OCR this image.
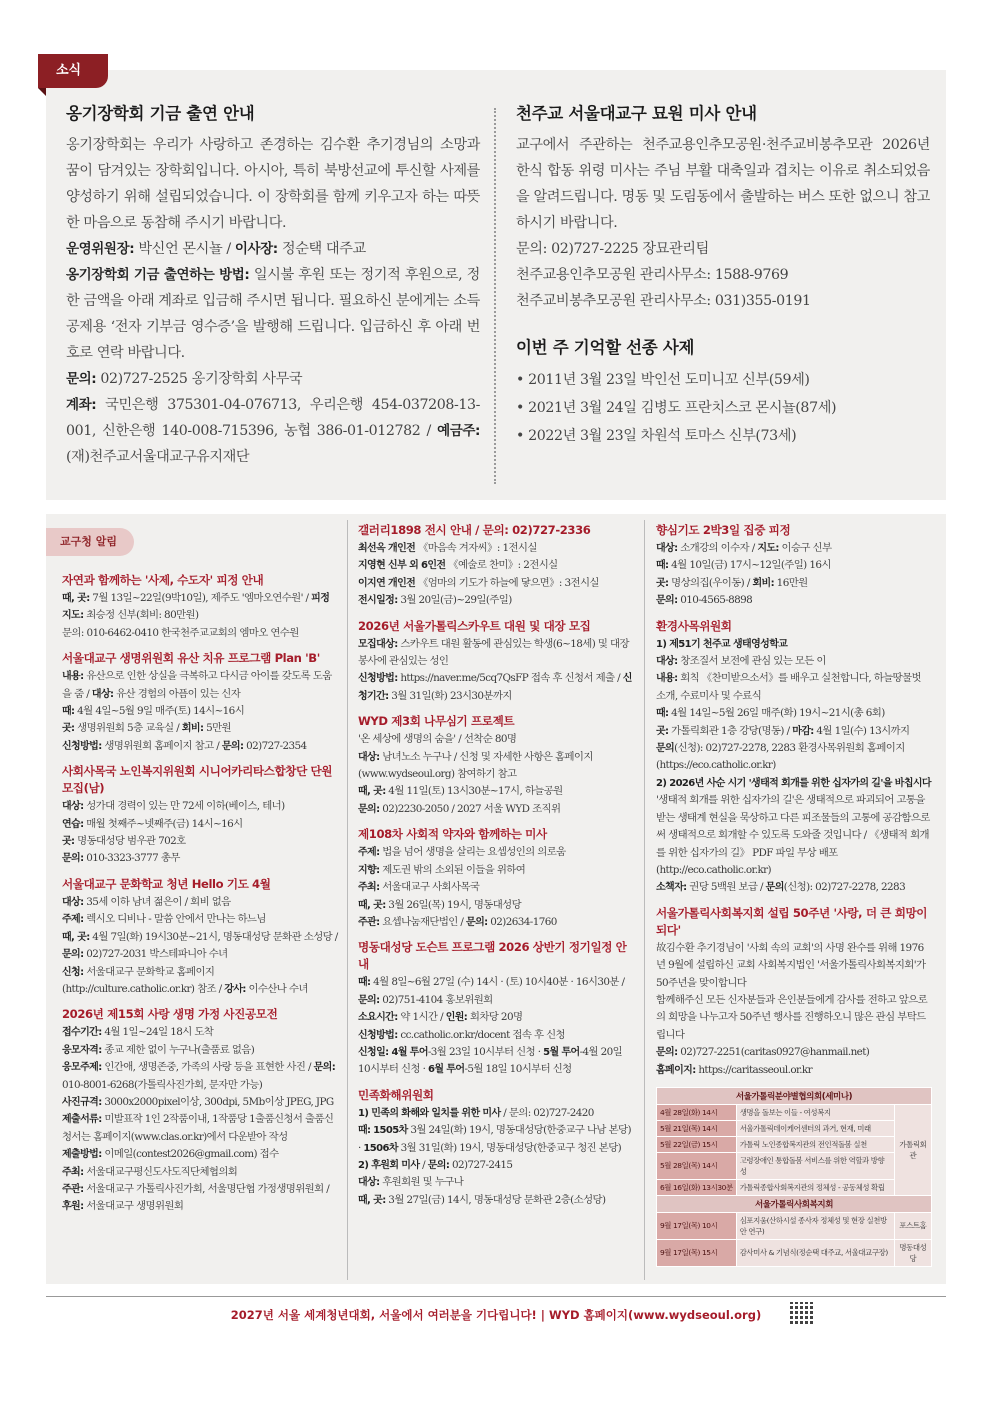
소식
옹기장학회 기금 출연 안내
옹기장학회는 우리가 사랑하고 존경하는 김수환 추기경님의 소망과 꿈이 담겨있는 장학회입니다. 아시아, 특히 북방선교에 투신할 사제를 양성하기 위해 설립되었습니다. 이 장학회를 함께 키우고자 하는 따뜻한 마음으로 동참해 주시기 바랍니다.
운영위원장: 박신언 몬시뇰 / 이사장: 정순택 대주교
옹기장학회 기금 출연하는 방법: 일시불 후원 또는 정기적 후원으로, 정한 금액을 아래 계좌로 입금해 주시면 됩니다. 필요하신 분에게는 소득공제용 ‘전자 기부금 영수증’을 발행해 드립니다. 입금하신 후 아래 번호로 연락 바랍니다.
문의: 02)727-2525 옹기장학회 사무국
계좌: 국민은행 375301-04-076713, 우리은행 454-037208-13-001, 신한은행 140-008-715396, 농협 386-01-012782 / 예금주: (재)천주교서울대교구유지재단
천주교 서울대교구 묘원 미사 안내
교구에서 주관하는 천주교용인추모공원·천주교비봉추모관 2026년 한식 합동 위령 미사는 주님 부활 대축일과 겹치는 이유로 취소되었음을 알려드립니다. 명동 및 도림동에서 출발하는 버스 또한 없으니 참고하시기 바랍니다.
문의: 02)727-2225 장묘관리팀
천주교용인추모공원 관리사무소: 1588-9769
천주교비봉추모공원 관리사무소: 031)355-0191
이번 주 기억할 선종 사제
• 2011년 3월 23일 박인선 도미니꼬 신부(59세)
• 2021년 3월 24일 김병도 프란치스코 몬시뇰(87세)
• 2022년 3월 23일 차원석 토마스 신부(73세)
교구청 알림
자연과 함께하는 '사제, 수도자' 피정 안내
때, 곳: 7월 13일~22일(9박10일), 제주도 '엠마오연수원' / 피정 지도: 최승정 신부(회비: 80만원)
문의: 010-6462-0410 한국천주교교회의 엠마오 연수원
서울대교구 생명위원회 유산 치유 프로그램 Plan 'B'
내용: 유산으로 인한 상실을 극복하고 다시금 아이를 갖도록 도움을 줌 / 대상: 유산 경험의 아픔이 있는 신자
때: 4월 4일~5월 9일 매주(토) 14시~16시
곳: 생명위원회 5층 교육실 / 회비: 5만원
신청방법: 생명위원회 홈페이지 참고 / 문의: 02)727-2354
사회사목국 노인복지위원회 시니어카리타스합창단 단원 모집(남)
대상: 성가대 경력이 있는 만 72세 이하(베이스, 테너)
연습: 매월 첫째주~넷째주(금) 14시~16시
곳: 명동대성당 범우관 702호
문의: 010-3323-3777 총무
서울대교구 문화학교 청년 Hello 기도 4월
대상: 35세 이하 남녀 젊은이 / 회비 없음
주제: 렉시오 디비나 - 말씀 안에서 만나는 하느님
때, 곳: 4월 7일(화) 19시30분~21시, 명동대성당 문화관 소성당 / 문의: 02)727-2031 박스테파니아 수녀
신청: 서울대교구 문화학교 홈페이지(http://culture.catholic.or.kr) 참조 / 강사: 이수산나 수녀
2026년 제15회 사랑 생명 가정 사진공모전
접수기간: 4월 1일~24일 18시 도착
응모자격: 종교 제한 없이 누구나(출품료 없음)
응모주제: 인간애, 생명존중, 가족의 사랑 등을 표현한 사진 / 문의: 010-8001-6268(가톨릭사진가회, 문자만 가능)
사진규격: 3000x2000pixel이상, 300dpi, 5Mb이상 JPEG, JPG
제출서류: 미발표작 1인 2작품이내, 1작품당 1출품신청서 출품신청서는 홈페이지(www.clas.or.kr)에서 다운받아 작성
제출방법: 이메일(contest2026@gmail.com) 접수
주최: 서울대교구평신도사도직단체협의회
주관: 서울대교구 가톨릭사진가회, 서울명단협 가정생명위원회 / 후원: 서울대교구 생명위원회
갤러리1898 전시 안내 / 문의: 02)727-2336
최선옥 개인전 《마음속 겨자씨》: 1전시실
지영현 신부 외 6인전 《예술로 찬미》: 2전시실
이지연 개인전 《엄마의 기도가 하늘에 닿으면》: 3전시실
전시일정: 3월 20일(금)~29일(주일)
2026년 서울가톨릭스카우트 대원 및 대장 모집
모집대상: 스카우트 대원 활동에 관심있는 학생(6~18세) 및 대장 봉사에 관심있는 성인
신청방법: https://naver.me/5cq7QsFP 접속 후 신청서 제출 / 신청기간: 3월 31일(화) 23시30분까지
WYD 제3회 나무심기 프로젝트
'온 세상에 생명의 숨을' / 선착순 80명
대상: 남녀노소 누구나 / 신청 및 자세한 사항은 홈페이지(www.wydseoul.org) 참여하기 참고
때, 곳: 4월 11일(토) 13시30분~17시, 하늘공원
문의: 02)2230-2050 / 2027 서울 WYD 조직위
제108차 사회적 약자와 함께하는 미사
주제: 법을 넘어 생명을 살리는 요셉성인의 의로움
지향: 제도권 밖의 소외된 이들을 위하여
주최: 서울대교구 사회사목국
때, 곳: 3월 26일(목) 19시, 명동대성당
주관: 요셉나눔재단법인 / 문의: 02)2634-1760
명동대성당 도슨트 프로그램 2026 상반기 정기일정 안내
때: 4월 8일~6월 27일 (수) 14시 · (토) 10시40분 · 16시30분 / 문의: 02)751-4104 홍보위원회
소요시간: 약 1시간 / 인원: 회차당 20명
신청방법: cc.catholic.or.kr/docent 접속 후 신청
신청일: 4월 투어-3월 23일 10시부터 신청 · 5월 투어-4월 20일 10시부터 신청 · 6월 투어-5월 18일 10시부터 신청
민족화해위원회
1) 민족의 화해와 일치를 위한 미사 / 문의: 02)727-2420
때: 1505차 3월 24일(화) 19시, 명동대성당(한중교구 나남 본당) · 1506차 3월 31일(화) 19시, 명동대성당(한중교구 청진 본당)
2) 후원회 미사 / 문의: 02)727-2415
대상: 후원회원 및 누구나
때, 곳: 3월 27일(금) 14시, 명동대성당 문화관 2층(소성당)
향심기도 2박3일 집중 피정
대상: 소개강의 이수자 / 지도: 이승구 신부
때: 4월 10일(금) 17시~12일(주일) 16시
곳: 명상의집(우이동) / 회비: 16만원
문의: 010-4565-8898
환경사목위원회
1) 제51기 천주교 생태영성학교
대상: 창조질서 보전에 관심 있는 모든 이
내용: 회칙 《찬미받으소서》를 배우고 실천합니다, 하늘땅물벗 소개, 수료미사 및 수료식
때: 4월 14일~5월 26일 매주(화) 19시~21시(총 6회)
곳: 가톨릭회관 1층 강당(명동) / 마감: 4월 1일(수) 13시까지
문의(신청): 02)727-2278, 2283 환경사목위원회 홈페이지(https://eco.catholic.or.kr)
2) 2026년 사순 시기 '생태적 회개를 위한 십자가의 길'을 바칩시다
'생태적 회개를 위한 십자가의 길'은 생태적으로 파괴되어 고통을 받는 생태계 현실을 묵상하고 다른 피조물들의 고통에 공감함으로써 생태적으로 회개할 수 있도록 도와줄 것입니다 / 《생태적 회개를 위한 십자가의 길》 PDF 파일 무상 배포(http://eco.catholic.or.kr)
소책자: 권당 5백원 보급 / 문의(신청): 02)727-2278, 2283
서울가톨릭사회복지회 설립 50주년 '사랑, 더 큰 희망이 되다'
故김수환 추기경님이 '사회 속의 교회'의 사명 완수를 위해 1976년 9월에 설립하신 교회 사회복지법인 '서울가톨릭사회복지회'가 50주년을 맞이합니다
함께해주신 모든 신자분들과 은인분들에게 감사를 전하고 앞으로의 희망을 나누고자 50주년 행사를 진행하오니 많은 관심 부탁드립니다
문의: 02)727-2251(caritas0927@hanmail.net)
홈페이지: https://caritasseoul.or.kr
서울가톨릭분야별협의회(세미나)		
4월 28일(화) 14시	생명을 돌보는 이들 - 여성복지	가톨릭회관
5월 21일(목) 14시	서울가톨릭데이케어센터의 과거, 현재, 미래	
5월 22일(금) 15시	가톨릭 노인종합복지관의 전인적돌봄 실천	
5월 28일(목) 14시	고령장애인 통합돌봄 서비스를 위한 역할과 방향성	
6월 16일(화) 13시30분	가톨릭종합사회복지관의 정체성 - 공동체성 확립	
서울가톨릭사회복지회		
9월 17일(목) 10시	심포지움(산하시설 종사자 정체성 및 현장 실천방안 연구)	포스트홈
9월 17일(목) 15시	감사미사 & 기념식(정순택 대주교, 서울대교구장)	명동대성당
2027년 서울 세계청년대회, 서울에서 여러분을 기다립니다! | WYD 홈페이지(www.wydseoul.org)
